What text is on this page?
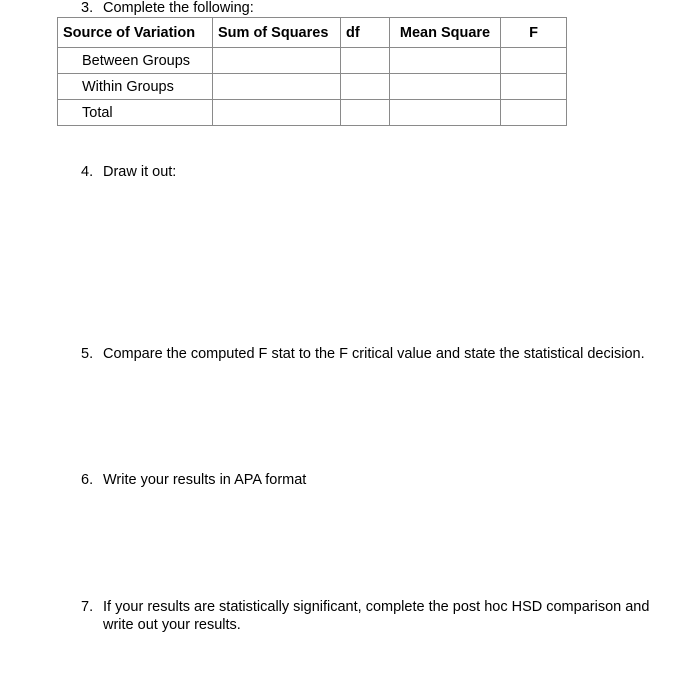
3. Complete the following:
Source of Variation	Sum of Squares	df	Mean Square	F
Between Groups				
Within Groups				
Total				
4. Draw it out:
5. Compare the computed F stat to the F critical value and state the statistical decision.
6. Write your results in APA format
7. If your results are statistically significant, complete the post hoc HSD comparison and write out your results.
